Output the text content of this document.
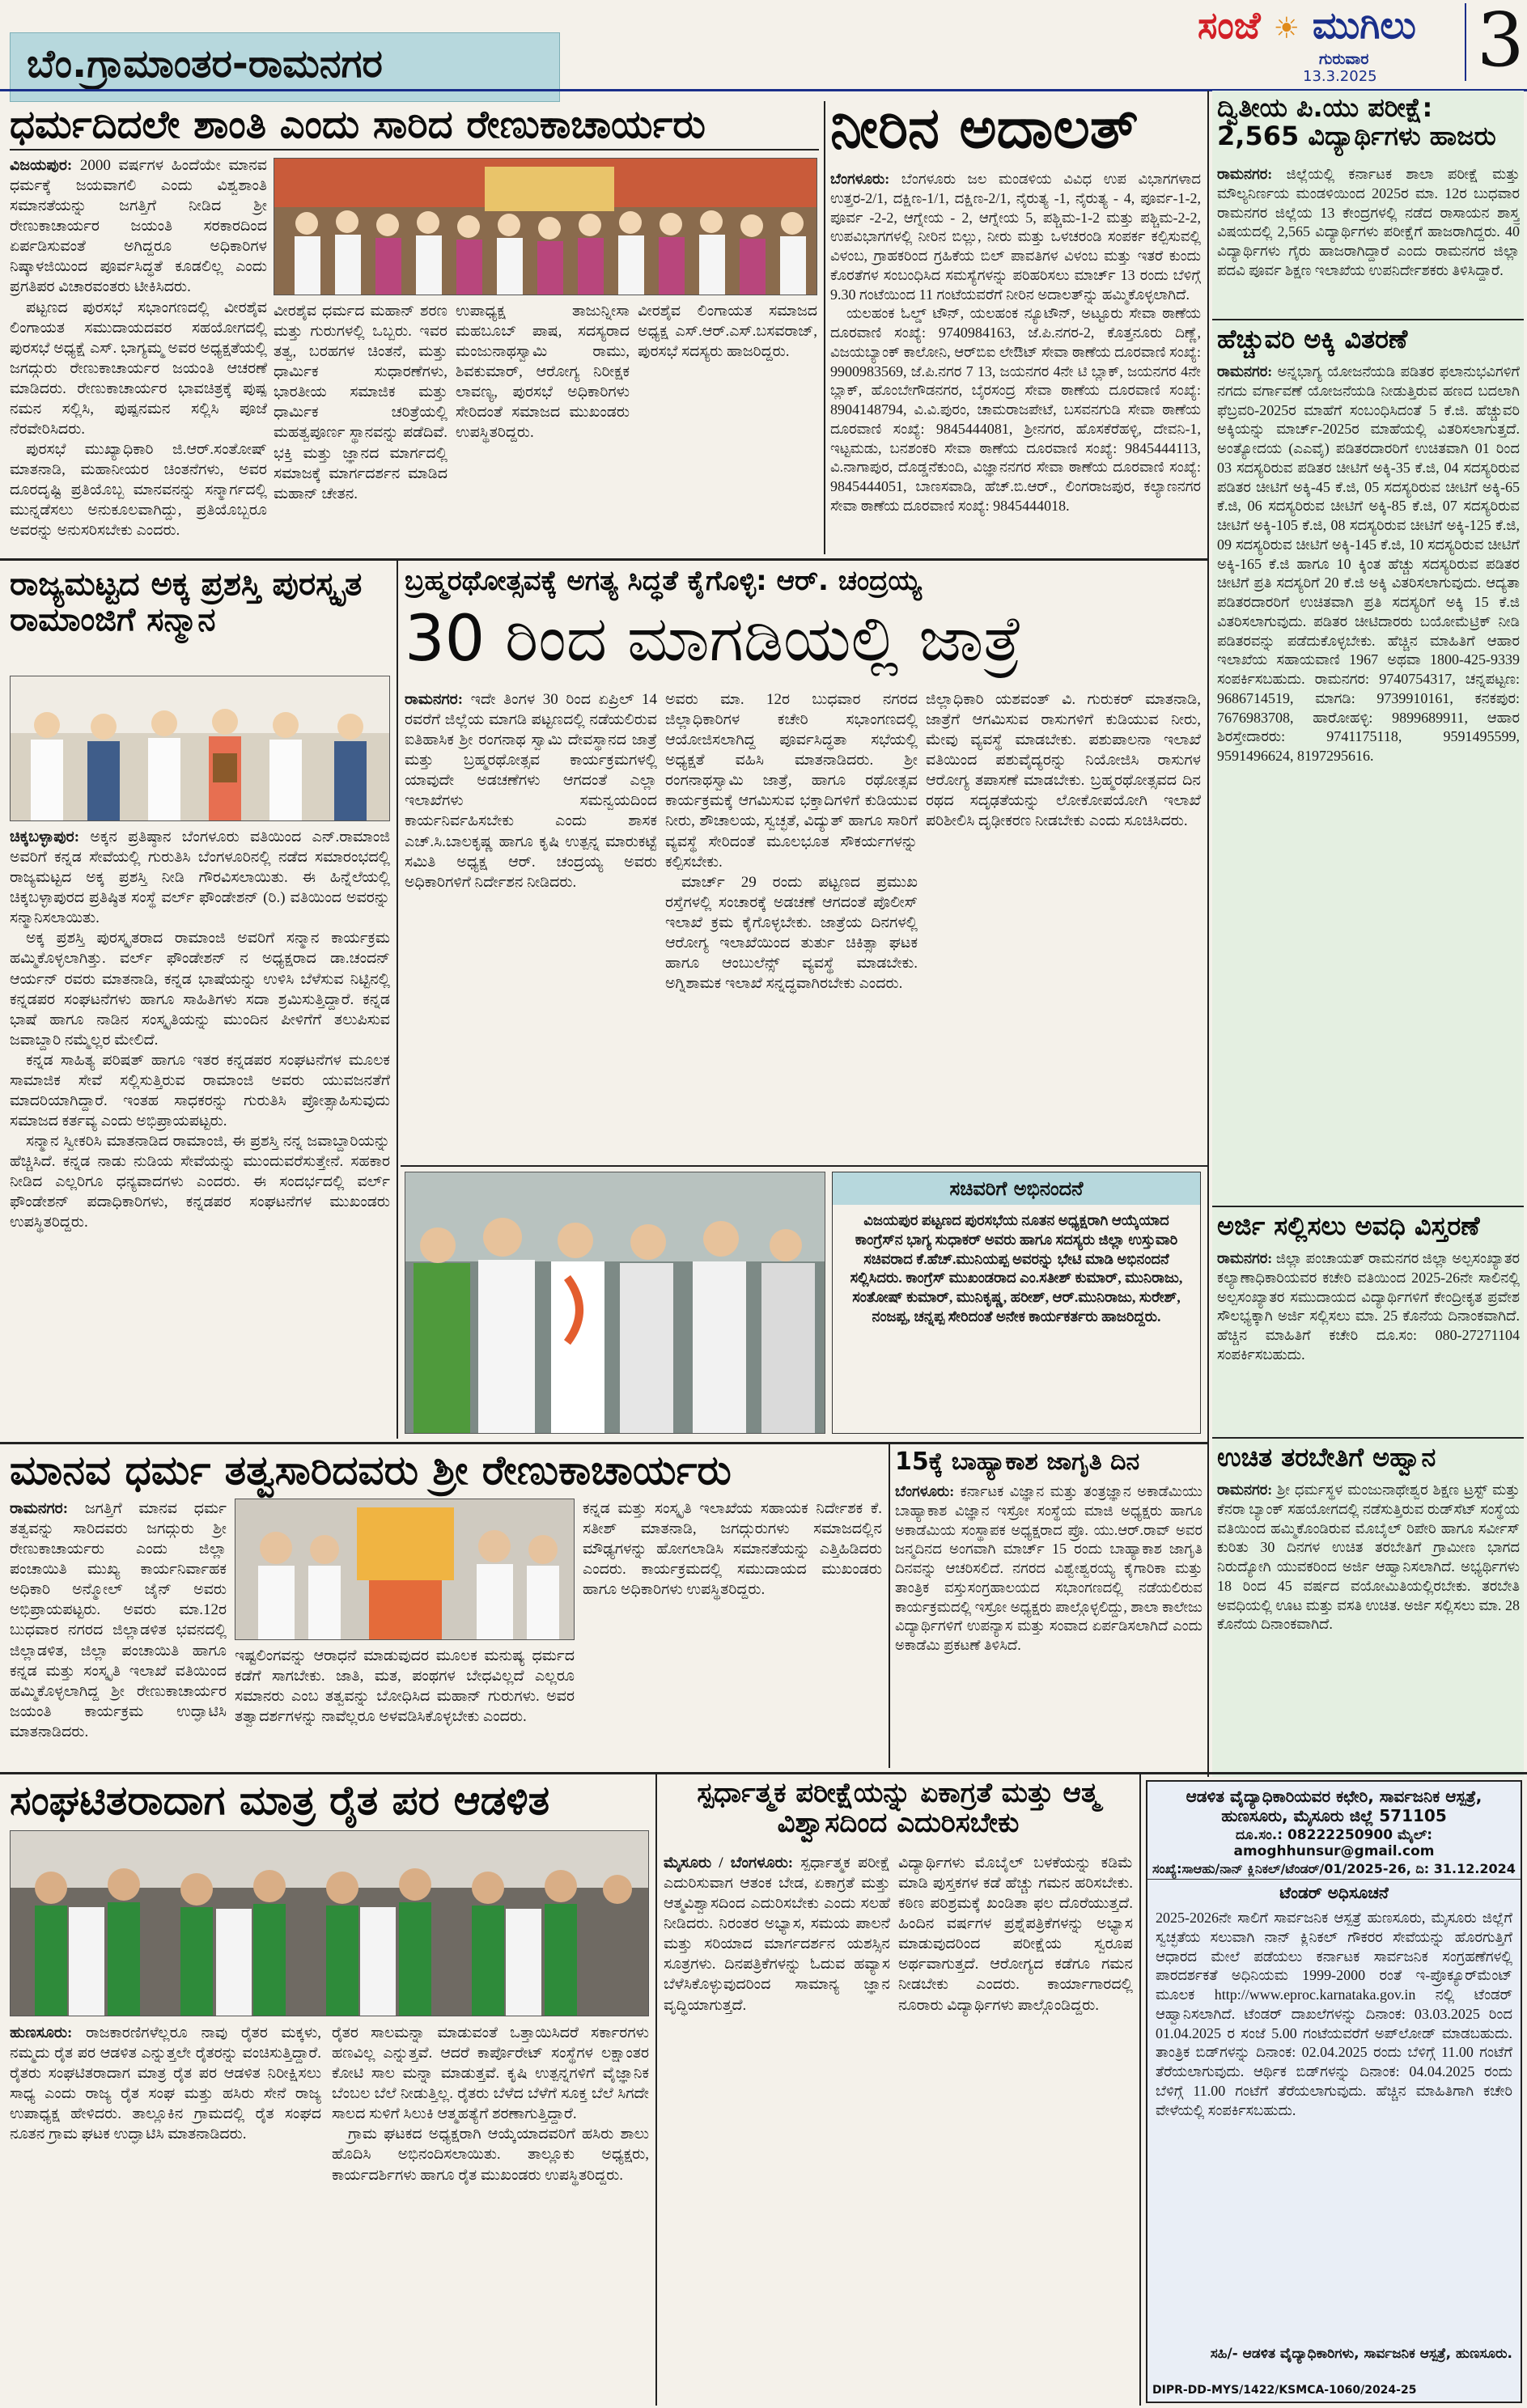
ಬೆಂ.ಗ್ರಾಮಾಂತರ-ರಾಮನಗರ
ಸಂಜೆ ☀ ಮುಗಿಲು
ಗುರುವಾರ
13.3.2025 3
ಧರ್ಮದಿದಲೇ ಶಾಂತಿ ಎಂದು ಸಾರಿದ ರೇಣುಕಾಚಾರ್ಯರು
ವಿಜಯಪುರ: 2000 ವರ್ಷಗಳ ಹಿಂದೆಯೇ ಮಾನವ ಧರ್ಮಕ್ಕೆ ಜಯವಾಗಲಿ ಎಂದು ವಿಶ್ವಶಾಂತಿ ಸಮಾನತೆಯನ್ನು ಜಗತ್ತಿಗೆ ನೀಡಿದ ಶ್ರೀ ರೇಣುಕಾಚಾರ್ಯರ ಜಯಂತಿ ಸರಕಾರದಿಂದ ಏರ್ಪಡಿಸುವಂತೆ ಅಗಿದ್ದರೂ ಅಧಿಕಾರಿಗಳ ನಿಷ್ಕಾಳಜಿಯಿಂದ ಪೂರ್ವಸಿದ್ಧತೆ ಕೂಡಲಿಲ್ಲ ಎಂದು ಪ್ರಗತಿಪರ ವಿಚಾರವಂತರು ಟೀಕಿಸಿದರು.

ಪಟ್ಟಣದ ಪುರಸಭೆ ಸಭಾಂಗಣದಲ್ಲಿ ವೀರಶೈವ ಲಿಂಗಾಯತ ಸಮುದಾಯದವರ ಸಹಯೋಗದಲ್ಲಿ ಪುರಸಭೆ ಅಧ್ಯಕ್ಷೆ ಎಸ್. ಭಾಗ್ಯಮ್ಮ ಅವರ ಅಧ್ಯಕ್ಷತೆಯಲ್ಲಿ ಜಗದ್ಗುರು ರೇಣುಕಾಚಾರ್ಯರ ಜಯಂತಿ ಆಚರಣೆ ಮಾಡಿದರು. ರೇಣುಕಾಚಾರ್ಯರ ಭಾವಚಿತ್ರಕ್ಕೆ ಪುಷ್ಪ ನಮನ ಸಲ್ಲಿಸಿ, ಪುಷ್ಪನಮನ ಸಲ್ಲಿಸಿ ಪೂಜೆ ನೆರವೇರಿಸಿದರು.

ಪುರಸಭೆ ಮುಖ್ಯಾಧಿಕಾರಿ ಜಿ.ಆರ್.ಸಂತೋಷ್ ಮಾತನಾಡಿ, ಮಹಾನೀಯರ ಚಿಂತನೆಗಳು, ಅವರ ದೂರದೃಷ್ಟಿ ಪ್ರತಿಯೊಬ್ಬ ಮಾನವನನ್ನು ಸನ್ಮಾರ್ಗದಲ್ಲಿ ಮುನ್ನಡೆಸಲು ಅನುಕೂಲವಾಗಿದ್ದು, ಪ್ರತಿಯೊಬ್ಬರೂ ಅವರನ್ನು ಅನುಸರಿಸಬೇಕು ಎಂದರು.

ವೀರಶೈವ ಧರ್ಮದ ಮಹಾನ್ ಶರಣ ಮತ್ತು ಗುರುಗಳಲ್ಲಿ ಒಬ್ಬರು. ಇವರ ತತ್ವ, ಬರಹಗಳ ಚಿಂತನೆ, ಮತ್ತು ಧಾರ್ಮಿಕ ಸುಧಾರಣೆಗಳು, ಭಾರತೀಯ ಸಮಾಜಿಕ ಮತ್ತು ಧಾರ್ಮಿಕ ಚರಿತ್ರೆಯಲ್ಲಿ ಮಹತ್ವಪೂರ್ಣ ಸ್ಥಾನವನ್ನು ಪಡೆದಿವೆ. ಭಕ್ತಿ ಮತ್ತು ಜ್ಞಾನದ ಮಾರ್ಗದಲ್ಲಿ ಸಮಾಜಕ್ಕೆ ಮಾರ್ಗದರ್ಶನ ಮಾಡಿದ ಮಹಾನ್ ಚೇತನ.

ಉಪಾಧ್ಯಕ್ಷ ತಾಜುನ್ನೀಸಾ ಮಹಬೂಬ್ ಪಾಷ, ಸದಸ್ಯರಾದ ಮಂಜುನಾಥಸ್ವಾಮಿ ರಾಮು, ಶಿವಕುಮಾರ್, ಆರೋಗ್ಯ ನಿರೀಕ್ಷಕ ಲಾವಣ್ಯ, ಪುರಸಭೆ ಅಧಿಕಾರಿಗಳು ಸೇರಿದಂತೆ ಸಮಾಜದ ಮುಖಂಡರು ಉಪಸ್ಥಿತರಿದ್ದರು.

ವೀರಶೈವ ಲಿಂಗಾಯತ ಸಮಾಜದ ಅಧ್ಯಕ್ಷ ಎಸ್.ಆರ್.ಎಸ್.ಬಸವರಾಜ್, ಪುರಸಭೆ ಸದಸ್ಯರು ಹಾಜರಿದ್ದರು.

ನೀರಿನ ಅದಾಲತ್
ಬೆಂಗಳೂರು: ಬೆಂಗಳೂರು ಜಲ ಮಂಡಳಿಯ ವಿವಿಧ ಉಪ ವಿಭಾಗಗಳಾದ ಉತ್ತರ-2/1, ದಕ್ಷಿಣ-1/1, ದಕ್ಷಿಣ-2/1, ನೈರುತ್ಯ -1, ನೈರುತ್ಯ - 4, ಪೂರ್ವ-1-2, ಪೂರ್ವ -2-2, ಆಗ್ನೇಯ - 2, ಆಗ್ನೇಯ 5, ಪಶ್ಚಿಮ-1-2 ಮತ್ತು ಪಶ್ಚಿಮ-2-2, ಉಪವಿಭಾಗಗಳಲ್ಲಿ ನೀರಿನ ಬಿಲ್ಲು, ನೀರು ಮತ್ತು ಒಳಚರಂಡಿ ಸಂಪರ್ಕ ಕಲ್ಪಿಸುವಲ್ಲಿ ವಿಳಂಬ, ಗ್ರಾಹಕರಿಂದ ಗ್ರಹಿಕೆಯ ಬಿಲ್ ಪಾವತಿಗಳ ವಿಳಂಬ ಮತ್ತು ಇತರೆ ಕುಂದು ಕೊರತೆಗಳ ಸಂಬಂಧಿಸಿದ ಸಮಸ್ಯೆಗಳನ್ನು ಪರಿಹರಿಸಲು ಮಾರ್ಚ್ 13 ರಂದು ಬೆಳಿಗ್ಗೆ 9.30 ಗಂಟೆಯಿಂದ 11 ಗಂಟೆಯವರೆಗೆ ನೀರಿನ ಅದಾಲತ್‌ನ್ನು ಹಮ್ಮಿಕೊಳ್ಳಲಾಗಿದೆ.

ಯಲಹಂಕ ಓಲ್ಡ್ ಟೌನ್, ಯಲಹಂಕ ನ್ಯೂಟೌನ್, ಅಟ್ಟೂರು ಸೇವಾ ಠಾಣೆಯ ದೂರವಾಣಿ ಸಂಖ್ಯೆ: 9740984163, ಜೆ.ಪಿ.ನಗರ-2, ಕೊತ್ತನೂರು ದಿಣ್ಣೆ, ವಿಜಯಬ್ಯಾಂಕ್ ಕಾಲೋನಿ, ಆರ್‌ಬಿಐ ಲೇಔಟ್ ಸೇವಾ ಠಾಣೆಯ ದೂರವಾಣಿ ಸಂಖ್ಯೆ: 9900983569, ಜೆ.ಪಿ.ನಗರ 7 13, ಜಯನಗರ 4ನೇ ಟಿ ಬ್ಲಾಕ್, ಜಯನಗರ 4ನೇ ಬ್ಲಾಕ್, ಹೊಂಬೇಗೌಡನಗರ, ಬೈರಸಂದ್ರ ಸೇವಾ ಠಾಣೆಯ ದೂರವಾಣಿ ಸಂಖ್ಯೆ: 8904148794, ವಿ.ವಿ.ಪುರಂ, ಚಾಮರಾಜಪೇಟೆ, ಬಸವನಗುಡಿ ಸೇವಾ ಠಾಣೆಯ ದೂರವಾಣಿ ಸಂಖ್ಯೆ: 9845444081, ಶ್ರೀನಗರ, ಹೊಸಕೆರೆಹಳ್ಳಿ, ದೇವನಿ-1, ಇಟ್ಟಮಡು, ಬನಶಂಕರಿ ಸೇವಾ ಠಾಣೆಯ ದೂರವಾಣಿ ಸಂಖ್ಯೆ: 9845444113, ವಿ.ನಾಗಾಪುರ, ದೊಡ್ಡನೆಕುಂದಿ, ವಿಜ್ಞಾನನಗರ ಸೇವಾ ಠಾಣೆಯ ದೂರವಾಣಿ ಸಂಖ್ಯೆ: 9845444051, ಬಾಣಸವಾಡಿ, ಹೆಚ್.ಬಿ.ಆರ್., ಲಿಂಗರಾಜಪುರ, ಕಲ್ಯಾಣನಗರ ಸೇವಾ ಠಾಣೆಯ ದೂರವಾಣಿ ಸಂಖ್ಯೆ: 9845444018.

ದ್ವಿತೀಯ ಪಿ.ಯು ಪರೀಕ್ಷೆ: 2,565 ವಿದ್ಯಾರ್ಥಿಗಳು ಹಾಜರು
ರಾಮನಗರ: ಜಿಲ್ಲೆಯಲ್ಲಿ ಕರ್ನಾಟಕ ಶಾಲಾ ಪರೀಕ್ಷೆ ಮತ್ತು ಮೌಲ್ಯನಿರ್ಣಯ ಮಂಡಳಿಯಿಂದ 2025ರ ಮಾ. 12ರ ಬುಧವಾರ ರಾಮನಗರ ಜಿಲ್ಲೆಯ 13 ಕೇಂದ್ರಗಳಲ್ಲಿ ನಡೆದ ರಾಸಾಯನ ಶಾಸ್ತ್ರ ವಿಷಯದಲ್ಲಿ 2,565 ವಿದ್ಯಾರ್ಥಿಗಳು ಪರೀಕ್ಷೆಗೆ ಹಾಜರಾಗಿದ್ದರು. 40 ವಿದ್ಯಾರ್ಥಿಗಳು ಗೈರು ಹಾಜರಾಗಿದ್ದಾರೆ ಎಂದು ರಾಮನಗರ ಜಿಲ್ಲಾ ಪದವಿ ಪೂರ್ವ ಶಿಕ್ಷಣ ಇಲಾಖೆಯ ಉಪನಿರ್ದೇಶಕರು ತಿಳಿಸಿದ್ದಾರೆ.
ಹೆಚ್ಚುವರಿ ಅಕ್ಕಿ ವಿತರಣೆ
ರಾಮನಗರ: ಅನ್ನಭಾಗ್ಯ ಯೋಜನೆಯಡಿ ಪಡಿತರ ಫಲಾನುಭವಿಗಳಿಗೆ ನಗದು ವರ್ಗಾವಣೆ ಯೋಜನೆಯಡಿ ನೀಡುತ್ತಿರುವ ಹಣದ ಬದಲಾಗಿ ಫೆಬ್ರವರಿ-2025ರ ಮಾಹೆಗೆ ಸಂಬಂಧಿಸಿದಂತೆ 5 ಕೆ.ಜಿ. ಹೆಚ್ಚುವರಿ ಅಕ್ಕಿಯನ್ನು ಮಾರ್ಚ್-2025ರ ಮಾಹೆಯಲ್ಲಿ ವಿತರಿಸಲಾಗುತ್ತದೆ. ಅಂತ್ಯೋದಯ (ಎಎವೈ) ಪಡಿತರದಾರರಿಗೆ ಉಚಿತವಾಗಿ 01 ರಿಂದ 03 ಸದಸ್ಯರಿರುವ ಪಡಿತರ ಚೀಟಿಗೆ ಅಕ್ಕಿ-35 ಕೆ.ಜಿ, 04 ಸದಸ್ಯರಿರುವ ಪಡಿತರ ಚೀಟಿಗೆ ಅಕ್ಕಿ-45 ಕೆ.ಜಿ, 05 ಸದಸ್ಯರಿರುವ ಚೀಟಿಗೆ ಅಕ್ಕಿ-65 ಕೆ.ಜಿ, 06 ಸದಸ್ಯರಿರುವ ಚೀಟಿಗೆ ಅಕ್ಕಿ-85 ಕೆ.ಜಿ, 07 ಸದಸ್ಯರಿರುವ ಚೀಟಿಗೆ ಅಕ್ಕಿ-105 ಕೆ.ಜಿ, 08 ಸದಸ್ಯರಿರುವ ಚೀಟಿಗೆ ಅಕ್ಕಿ-125 ಕೆ.ಜಿ, 09 ಸದಸ್ಯರಿರುವ ಚೀಟಿಗೆ ಅಕ್ಕಿ-145 ಕೆ.ಜಿ, 10 ಸದಸ್ಯರಿರುವ ಚೀಟಿಗೆ ಅಕ್ಕಿ-165 ಕೆ.ಜಿ ಹಾಗೂ 10 ಕ್ಕಿಂತ ಹೆಚ್ಚು ಸದಸ್ಯರಿರುವ ಪಡಿತರ ಚೀಟಿಗೆ ಪ್ರತಿ ಸದಸ್ಯರಿಗೆ 20 ಕೆ.ಜಿ ಅಕ್ಕಿ ವಿತರಿಸಲಾಗುವುದು. ಆದ್ಯತಾ ಪಡಿತರದಾರರಿಗೆ ಉಚಿತವಾಗಿ ಪ್ರತಿ ಸದಸ್ಯರಿಗೆ ಅಕ್ಕಿ 15 ಕೆ.ಜಿ ವಿತರಿಸಲಾಗುವುದು. ಪಡಿತರ ಚೀಟಿದಾರರು ಬಯೋಮೆಟ್ರಿಕ್ ನೀಡಿ ಪಡಿತರವನ್ನು ಪಡೆದುಕೊಳ್ಳಬೇಕು. ಹೆಚ್ಚಿನ ಮಾಹಿತಿಗೆ ಆಹಾರ ಇಲಾಖೆಯ ಸಹಾಯವಾಣಿ 1967 ಅಥವಾ 1800-425-9339 ಸಂಪರ್ಕಿಸಬಹುದು. ರಾಮನಗರ: 9740754317, ಚನ್ನಪಟ್ಟಣ: 9686714519, ಮಾಗಡಿ: 9739910161, ಕನಕಪುರ: 7676983708, ಹಾರೋಹಳ್ಳಿ: 9899689911, ಆಹಾರ ಶಿರಸ್ತೇದಾರರು: 9741175118, 9591495599, 9591496624, 8197295616.
ಅರ್ಜಿ ಸಲ್ಲಿಸಲು ಅವಧಿ ವಿಸ್ತರಣೆ
ರಾಮನಗರ: ಜಿಲ್ಲಾ ಪಂಚಾಯತ್ ರಾಮನಗರ ಜಿಲ್ಲಾ ಅಲ್ಪಸಂಖ್ಯಾತರ ಕಲ್ಯಾಣಾಧಿಕಾರಿಯವರ ಕಚೇರಿ ವತಿಯಿಂದ 2025-26ನೇ ಸಾಲಿನಲ್ಲಿ ಅಲ್ಪಸಂಖ್ಯಾತರ ಸಮುದಾಯದ ವಿದ್ಯಾರ್ಥಿಗಳಿಗೆ ಕೇಂದ್ರೀಕೃತ ಪ್ರವೇಶ ಸೌಲಭ್ಯಕ್ಕಾಗಿ ಅರ್ಜಿ ಸಲ್ಲಿಸಲು ಮಾ. 25 ಕೊನೆಯ ದಿನಾಂಕವಾಗಿದೆ. ಹೆಚ್ಚಿನ ಮಾಹಿತಿಗೆ ಕಚೇರಿ ದೂ.ಸಂ: 080-27271104 ಸಂಪರ್ಕಿಸಬಹುದು.
ಉಚಿತ ತರಬೇತಿಗೆ ಅಹ್ವಾನ
ರಾಮನಗರ: ಶ್ರೀ ಧರ್ಮಸ್ಥಳ ಮಂಜುನಾಥೇಶ್ವರ ಶಿಕ್ಷಣ ಟ್ರಸ್ಟ್ ಮತ್ತು ಕೆನರಾ ಬ್ಯಾಂಕ್ ಸಹಯೋಗದಲ್ಲಿ ನಡೆಸುತ್ತಿರುವ ರುಡ್‌ಸೆಟ್ ಸಂಸ್ಥೆಯ ವತಿಯಿಂದ ಹಮ್ಮಿಕೊಂಡಿರುವ ಮೊಬೈಲ್ ರಿಪೇರಿ ಹಾಗೂ ಸರ್ವೀಸ್ ಕುರಿತು 30 ದಿನಗಳ ಉಚಿತ ತರಬೇತಿಗೆ ಗ್ರಾಮೀಣ ಭಾಗದ ನಿರುದ್ಯೋಗಿ ಯುವಕರಿಂದ ಅರ್ಜಿ ಆಹ್ವಾನಿಸಲಾಗಿದೆ. ಅಭ್ಯರ್ಥಿಗಳು 18 ರಿಂದ 45 ವರ್ಷದ ವಯೋಮಿತಿಯಲ್ಲಿರಬೇಕು. ತರಬೇತಿ ಅವಧಿಯಲ್ಲಿ ಊಟ ಮತ್ತು ವಸತಿ ಉಚಿತ. ಅರ್ಜಿ ಸಲ್ಲಿಸಲು ಮಾ. 28 ಕೊನೆಯ ದಿನಾಂಕವಾಗಿದೆ.
ರಾಜ್ಯಮಟ್ಟದ ಅಕ್ಕ ಪ್ರಶಸ್ತಿ ಪುರಸ್ಕೃತ ರಾಮಾಂಜಿಗೆ ಸನ್ಮಾನ
ಚಿಕ್ಕಬಳ್ಳಾಪುರ: ಅಕ್ಕನ ಪ್ರತಿಷ್ಠಾನ ಬೆಂಗಳೂರು ವತಿಯಿಂದ ಎನ್.ರಾಮಾಂಜಿ ಅವರಿಗೆ ಕನ್ನಡ ಸೇವೆಯಲ್ಲಿ ಗುರುತಿಸಿ ಬೆಂಗಳೂರಿನಲ್ಲಿ ನಡೆದ ಸಮಾರಂಭದಲ್ಲಿ ರಾಜ್ಯಮಟ್ಟದ ಅಕ್ಕ ಪ್ರಶಸ್ತಿ ನೀಡಿ ಗೌರವಿಸಲಾಯಿತು. ಈ ಹಿನ್ನೆಲೆಯಲ್ಲಿ ಚಿಕ್ಕಬಳ್ಳಾಪುರದ ಪ್ರತಿಷ್ಠಿತ ಸಂಸ್ಥೆ ವರ್ಲ್ ಫೌಂಡೇಶನ್ (ರಿ.) ವತಿಯಿಂದ ಅವರನ್ನು ಸನ್ಮಾನಿಸಲಾಯಿತು.

ಅಕ್ಕ ಪ್ರಶಸ್ತಿ ಪುರಸ್ಕೃತರಾದ ರಾಮಾಂಜಿ ಅವರಿಗೆ ಸನ್ಮಾನ ಕಾರ್ಯಕ್ರಮ ಹಮ್ಮಿಕೊಳ್ಳಲಾಗಿತ್ತು. ವರ್ಲ್ ಫೌಂಡೇಶನ್ ನ ಅಧ್ಯಕ್ಷರಾದ ಡಾ.ಚಂದನ್ ಆರ್ಯನ್ ರವರು ಮಾತನಾಡಿ, ಕನ್ನಡ ಭಾಷೆಯನ್ನು ಉಳಿಸಿ ಬೆಳೆಸುವ ನಿಟ್ಟಿನಲ್ಲಿ ಕನ್ನಡಪರ ಸಂಘಟನೆಗಳು ಹಾಗೂ ಸಾಹಿತಿಗಳು ಸದಾ ಶ್ರಮಿಸುತ್ತಿದ್ದಾರೆ. ಕನ್ನಡ ಭಾಷೆ ಹಾಗೂ ನಾಡಿನ ಸಂಸ್ಕೃತಿಯನ್ನು ಮುಂದಿನ ಪೀಳಿಗೆಗೆ ತಲುಪಿಸುವ ಜವಾಬ್ದಾರಿ ನಮ್ಮೆಲ್ಲರ ಮೇಲಿದೆ.

ಕನ್ನಡ ಸಾಹಿತ್ಯ ಪರಿಷತ್ ಹಾಗೂ ಇತರ ಕನ್ನಡಪರ ಸಂಘಟನೆಗಳ ಮೂಲಕ ಸಾಮಾಜಿಕ ಸೇವೆ ಸಲ್ಲಿಸುತ್ತಿರುವ ರಾಮಾಂಜಿ ಅವರು ಯುವಜನತೆಗೆ ಮಾದರಿಯಾಗಿದ್ದಾರೆ. ಇಂತಹ ಸಾಧಕರನ್ನು ಗುರುತಿಸಿ ಪ್ರೋತ್ಸಾಹಿಸುವುದು ಸಮಾಜದ ಕರ್ತವ್ಯ ಎಂದು ಅಭಿಪ್ರಾಯಪಟ್ಟರು.

ಸನ್ಮಾನ ಸ್ವೀಕರಿಸಿ ಮಾತನಾಡಿದ ರಾಮಾಂಜಿ, ಈ ಪ್ರಶಸ್ತಿ ನನ್ನ ಜವಾಬ್ದಾರಿಯನ್ನು ಹೆಚ್ಚಿಸಿದೆ. ಕನ್ನಡ ನಾಡು ನುಡಿಯ ಸೇವೆಯನ್ನು ಮುಂದುವರೆಸುತ್ತೇನೆ. ಸಹಕಾರ ನೀಡಿದ ಎಲ್ಲರಿಗೂ ಧನ್ಯವಾದಗಳು ಎಂದರು. ಈ ಸಂದರ್ಭದಲ್ಲಿ ವರ್ಲ್ ಫೌಂಡೇಶನ್ ಪದಾಧಿಕಾರಿಗಳು, ಕನ್ನಡಪರ ಸಂಘಟನೆಗಳ ಮುಖಂಡರು ಉಪಸ್ಥಿತರಿದ್ದರು.

ಬ್ರಹ್ಮರಥೋತ್ಸವಕ್ಕೆ ಅಗತ್ಯ ಸಿದ್ಧತೆ ಕೈಗೊಳ್ಳಿ: ಆರ್. ಚಂದ್ರಯ್ಯ
30 ರಿಂದ ಮಾಗಡಿಯಲ್ಲಿ ಜಾತ್ರೆ
ರಾಮನಗರ: ಇದೇ ತಿಂಗಳ 30 ರಿಂದ ಏಪ್ರಿಲ್ 14 ರವರೆಗೆ ಜಿಲ್ಲೆಯ ಮಾಗಡಿ ಪಟ್ಟಣದಲ್ಲಿ ನಡೆಯಲಿರುವ ಐತಿಹಾಸಿಕ ಶ್ರೀ ರಂಗನಾಥ ಸ್ವಾಮಿ ದೇವಸ್ಥಾನದ ಜಾತ್ರೆ ಮತ್ತು ಬ್ರಹ್ಮರಥೋತ್ಸವ ಕಾರ್ಯಕ್ರಮಗಳಲ್ಲಿ ಯಾವುದೇ ಅಡಚಣೆಗಳು ಆಗದಂತೆ ಎಲ್ಲಾ ಇಲಾಖೆಗಳು ಸಮನ್ವಯದಿಂದ ಕಾರ್ಯನಿರ್ವಹಿಸಬೇಕು ಎಂದು ಶಾಸಕ ಎಚ್.ಸಿ.ಬಾಲಕೃಷ್ಣ ಹಾಗೂ ಕೃಷಿ ಉತ್ಪನ್ನ ಮಾರುಕಟ್ಟೆ ಸಮಿತಿ ಅಧ್ಯಕ್ಷ ಆರ್. ಚಂದ್ರಯ್ಯ ಅವರು ಅಧಿಕಾರಿಗಳಿಗೆ ನಿರ್ದೇಶನ ನೀಡಿದರು.

ಅವರು ಮಾ. 12ರ ಬುಧವಾರ ನಗರದ ಜಿಲ್ಲಾಧಿಕಾರಿಗಳ ಕಚೇರಿ ಸಭಾಂಗಣದಲ್ಲಿ ಆಯೋಜಿಸಲಾಗಿದ್ದ ಪೂರ್ವಸಿದ್ಧತಾ ಸಭೆಯಲ್ಲಿ ಅಧ್ಯಕ್ಷತೆ ವಹಿಸಿ ಮಾತನಾಡಿದರು. ಶ್ರೀ ರಂಗನಾಥಸ್ವಾಮಿ ಜಾತ್ರೆ, ಹಾಗೂ ರಥೋತ್ಸವ ಕಾರ್ಯಕ್ರಮಕ್ಕೆ ಆಗಮಿಸುವ ಭಕ್ತಾದಿಗಳಿಗೆ ಕುಡಿಯುವ ನೀರು, ಶೌಚಾಲಯ, ಸ್ವಚ್ಛತೆ, ವಿದ್ಯುತ್ ಹಾಗೂ ಸಾರಿಗೆ ವ್ಯವಸ್ಥೆ ಸೇರಿದಂತೆ ಮೂಲಭೂತ ಸೌಕರ್ಯಗಳನ್ನು ಕಲ್ಪಿಸಬೇಕು.

ಮಾರ್ಚ್ 29 ರಂದು ಪಟ್ಟಣದ ಪ್ರಮುಖ ರಸ್ತೆಗಳಲ್ಲಿ ಸಂಚಾರಕ್ಕೆ ಅಡಚಣೆ ಆಗದಂತೆ ಪೊಲೀಸ್ ಇಲಾಖೆ ಕ್ರಮ ಕೈಗೊಳ್ಳಬೇಕು. ಜಾತ್ರೆಯ ದಿನಗಳಲ್ಲಿ ಆರೋಗ್ಯ ಇಲಾಖೆಯಿಂದ ತುರ್ತು ಚಿಕಿತ್ಸಾ ಘಟಕ ಹಾಗೂ ಆಂಬುಲೆನ್ಸ್ ವ್ಯವಸ್ಥೆ ಮಾಡಬೇಕು. ಅಗ್ನಿಶಾಮಕ ಇಲಾಖೆ ಸನ್ನದ್ಧವಾಗಿರಬೇಕು ಎಂದರು.

ಜಿಲ್ಲಾಧಿಕಾರಿ ಯಶವಂತ್ ವಿ. ಗುರುಕರ್ ಮಾತನಾಡಿ, ಜಾತ್ರೆಗೆ ಆಗಮಿಸುವ ರಾಸುಗಳಿಗೆ ಕುಡಿಯುವ ನೀರು, ಮೇವು ವ್ಯವಸ್ಥೆ ಮಾಡಬೇಕು. ಪಶುಪಾಲನಾ ಇಲಾಖೆ ವತಿಯಿಂದ ಪಶುವೈದ್ಯರನ್ನು ನಿಯೋಜಿಸಿ ರಾಸುಗಳ ಆರೋಗ್ಯ ತಪಾಸಣೆ ಮಾಡಬೇಕು. ಬ್ರಹ್ಮರಥೋತ್ಸವದ ದಿನ ರಥದ ಸದೃಢತೆಯನ್ನು ಲೋಕೋಪಯೋಗಿ ಇಲಾಖೆ ಪರಿಶೀಲಿಸಿ ದೃಢೀಕರಣ ನೀಡಬೇಕು ಎಂದು ಸೂಚಿಸಿದರು.

ಸಚಿವರಿಗೆ ಅಭಿನಂದನೆ
ವಿಜಯಪುರ ಪಟ್ಟಣದ ಪುರಸಭೆಯ ನೂತನ ಅಧ್ಯಕ್ಷರಾಗಿ ಆಯ್ಕೆಯಾದ ಕಾಂಗ್ರೆಸ್‌ನ ಭಾಗ್ಯ ಸುಧಾಕರ್ ಅವರು ಹಾಗೂ ಸದಸ್ಯರು ಜಿಲ್ಲಾ ಉಸ್ತುವಾರಿ ಸಚಿವರಾದ ಕೆ.ಹೆಚ್.ಮುನಿಯಪ್ಪ ಅವರನ್ನು ಭೇಟಿ ಮಾಡಿ ಅಭಿನಂದನೆ ಸಲ್ಲಿಸಿದರು. ಕಾಂಗ್ರೆಸ್ ಮುಖಂಡರಾದ ಎಂ.ಸತೀಶ್ ಕುಮಾರ್, ಮುನಿರಾಜು, ಸಂತೋಷ್ ಕುಮಾರ್, ಮುನಿಕೃಷ್ಣ, ಹರೀಶ್, ಆರ್.ಮುನಿರಾಜು, ಸುರೇಶ್, ನಂಜಪ್ಪ, ಚನ್ನಪ್ಪ ಸೇರಿದಂತೆ ಅನೇಕ ಕಾರ್ಯಕರ್ತರು ಹಾಜರಿದ್ದರು.
ಮಾನವ ಧರ್ಮ ತತ್ವಸಾರಿದವರು ಶ್ರೀ ರೇಣುಕಾಚಾರ್ಯರು
ರಾಮನಗರ: ಜಗತ್ತಿಗೆ ಮಾನವ ಧರ್ಮ ತತ್ವವನ್ನು ಸಾರಿದವರು ಜಗದ್ಗುರು ಶ್ರೀ ರೇಣುಕಾಚಾರ್ಯರು ಎಂದು ಜಿಲ್ಲಾ ಪಂಚಾಯಿತಿ ಮುಖ್ಯ ಕಾರ್ಯನಿರ್ವಾಹಕ ಅಧಿಕಾರಿ ಅನ್ಮೋಲ್ ಜೈನ್ ಅವರು ಅಭಿಪ್ರಾಯಪಟ್ಟರು. ಅವರು ಮಾ.12ರ ಬುಧವಾರ ನಗರದ ಜಿಲ್ಲಾಡಳಿತ ಭವನದಲ್ಲಿ ಜಿಲ್ಲಾಡಳಿತ, ಜಿಲ್ಲಾ ಪಂಚಾಯಿತಿ ಹಾಗೂ ಕನ್ನಡ ಮತ್ತು ಸಂಸ್ಕೃತಿ ಇಲಾಖೆ ವತಿಯಿಂದ ಹಮ್ಮಿಕೊಳ್ಳಲಾಗಿದ್ದ ಶ್ರೀ ರೇಣುಕಾಚಾರ್ಯರ ಜಯಂತಿ ಕಾರ್ಯಕ್ರಮ ಉದ್ಘಾಟಿಸಿ ಮಾತನಾಡಿದರು.

ಇಷ್ಟಲಿಂಗವನ್ನು ಆರಾಧನೆ ಮಾಡುವುದರ ಮೂಲಕ ಮನುಷ್ಯ ಧರ್ಮದ ಕಡೆಗೆ ಸಾಗಬೇಕು. ಜಾತಿ, ಮತ, ಪಂಥಗಳ ಬೇಧವಿಲ್ಲದೆ ಎಲ್ಲರೂ ಸಮಾನರು ಎಂಬ ತತ್ವವನ್ನು ಬೋಧಿಸಿದ ಮಹಾನ್ ಗುರುಗಳು. ಅವರ ತತ್ವಾದರ್ಶಗಳನ್ನು ನಾವೆಲ್ಲರೂ ಅಳವಡಿಸಿಕೊಳ್ಳಬೇಕು ಎಂದರು.

ಕನ್ನಡ ಮತ್ತು ಸಂಸ್ಕೃತಿ ಇಲಾಖೆಯ ಸಹಾಯಕ ನಿರ್ದೇಶಕ ಕೆ. ಸತೀಶ್ ಮಾತನಾಡಿ, ಜಗದ್ಗುರುಗಳು ಸಮಾಜದಲ್ಲಿನ ಮೌಢ್ಯಗಳನ್ನು ಹೋಗಲಾಡಿಸಿ ಸಮಾನತೆಯನ್ನು ಎತ್ತಿಹಿಡಿದರು ಎಂದರು. ಕಾರ್ಯಕ್ರಮದಲ್ಲಿ ಸಮುದಾಯದ ಮುಖಂಡರು ಹಾಗೂ ಅಧಿಕಾರಿಗಳು ಉಪಸ್ಥಿತರಿದ್ದರು.

15ಕ್ಕೆ ಬಾಹ್ಯಾಕಾಶ ಜಾಗೃತಿ ದಿನ
ಬೆಂಗಳೂರು: ಕರ್ನಾಟಕ ವಿಜ್ಞಾನ ಮತ್ತು ತಂತ್ರಜ್ಞಾನ ಅಕಾಡೆಮಿಯು ಬಾಹ್ಯಾಕಾಶ ವಿಜ್ಞಾನ ಇಸ್ರೋ ಸಂಸ್ಥೆಯ ಮಾಜಿ ಅಧ್ಯಕ್ಷರು ಹಾಗೂ ಅಕಾಡೆಮಿಯ ಸಂಸ್ಥಾಪಕ ಅಧ್ಯಕ್ಷರಾದ ಪ್ರೊ. ಯು.ಆರ್.ರಾವ್ ಅವರ ಜನ್ಮದಿನದ ಅಂಗವಾಗಿ ಮಾರ್ಚ್ 15 ರಂದು ಬಾಹ್ಯಾಕಾಶ ಜಾಗೃತಿ ದಿನವನ್ನು ಆಚರಿಸಲಿದೆ. ನಗರದ ವಿಶ್ವೇಶ್ವರಯ್ಯ ಕೈಗಾರಿಕಾ ಮತ್ತು ತಾಂತ್ರಿಕ ವಸ್ತುಸಂಗ್ರಹಾಲಯದ ಸಭಾಂಗಣದಲ್ಲಿ ನಡೆಯಲಿರುವ ಕಾರ್ಯಕ್ರಮದಲ್ಲಿ ಇಸ್ರೋ ಅಧ್ಯಕ್ಷರು ಪಾಲ್ಗೊಳ್ಳಲಿದ್ದು, ಶಾಲಾ ಕಾಲೇಜು ವಿದ್ಯಾರ್ಥಿಗಳಿಗೆ ಉಪನ್ಯಾಸ ಮತ್ತು ಸಂವಾದ ಏರ್ಪಡಿಸಲಾಗಿದೆ ಎಂದು ಅಕಾಡೆಮಿ ಪ್ರಕಟಣೆ ತಿಳಿಸಿದೆ.
ಸಂಘಟಿತರಾದಾಗ ಮಾತ್ರ ರೈತ ಪರ ಆಡಳಿತ
ಹುಣಸೂರು: ರಾಜಕಾರಣಿಗಳೆಲ್ಲರೂ ನಾವು ರೈತರ ಮಕ್ಕಳು, ನಮ್ಮದು ರೈತ ಪರ ಆಡಳಿತ ಎನ್ನುತ್ತಲೇ ರೈತರನ್ನು ವಂಚಿಸುತ್ತಿದ್ದಾರೆ. ರೈತರು ಸಂಘಟಿತರಾದಾಗ ಮಾತ್ರ ರೈತ ಪರ ಆಡಳಿತ ನಿರೀಕ್ಷಿಸಲು ಸಾಧ್ಯ ಎಂದು ರಾಜ್ಯ ರೈತ ಸಂಘ ಮತ್ತು ಹಸಿರು ಸೇನೆ ರಾಜ್ಯ ಉಪಾಧ್ಯಕ್ಷ ಹೇಳಿದರು. ತಾಲ್ಲೂಕಿನ ಗ್ರಾಮದಲ್ಲಿ ರೈತ ಸಂಘದ ನೂತನ ಗ್ರಾಮ ಘಟಕ ಉದ್ಘಾಟಿಸಿ ಮಾತನಾಡಿದರು.

ರೈತರ ಸಾಲಮನ್ನಾ ಮಾಡುವಂತೆ ಒತ್ತಾಯಿಸಿದರೆ ಸರ್ಕಾರಗಳು ಹಣವಿಲ್ಲ ಎನ್ನುತ್ತವೆ. ಆದರೆ ಕಾರ್ಪೊರೇಟ್ ಸಂಸ್ಥೆಗಳ ಲಕ್ಷಾಂತರ ಕೋಟಿ ಸಾಲ ಮನ್ನಾ ಮಾಡುತ್ತವೆ. ಕೃಷಿ ಉತ್ಪನ್ನಗಳಿಗೆ ವೈಜ್ಞಾನಿಕ ಬೆಂಬಲ ಬೆಲೆ ನೀಡುತ್ತಿಲ್ಲ. ರೈತರು ಬೆಳೆದ ಬೆಳೆಗೆ ಸೂಕ್ತ ಬೆಲೆ ಸಿಗದೇ ಸಾಲದ ಸುಳಿಗೆ ಸಿಲುಕಿ ಆತ್ಮಹತ್ಯೆಗೆ ಶರಣಾಗುತ್ತಿದ್ದಾರೆ.

ಗ್ರಾಮ ಘಟಕದ ಅಧ್ಯಕ್ಷರಾಗಿ ಆಯ್ಕೆಯಾದವರಿಗೆ ಹಸಿರು ಶಾಲು ಹೊದಿಸಿ ಅಭಿನಂದಿಸಲಾಯಿತು. ತಾಲ್ಲೂಕು ಅಧ್ಯಕ್ಷರು, ಕಾರ್ಯದರ್ಶಿಗಳು ಹಾಗೂ ರೈತ ಮುಖಂಡರು ಉಪಸ್ಥಿತರಿದ್ದರು.

ಸ್ಪರ್ಧಾತ್ಮಕ ಪರೀಕ್ಷೆಯನ್ನು ಏಕಾಗ್ರತೆ ಮತ್ತು ಆತ್ಮ ವಿಶ್ವಾಸದಿಂದ ಎದುರಿಸಬೇಕು
ಮೈಸೂರು / ಬೆಂಗಳೂರು: ಸ್ಪರ್ಧಾತ್ಮಕ ಪರೀಕ್ಷೆ ಎದುರಿಸುವಾಗ ಆತಂಕ ಬೇಡ, ಏಕಾಗ್ರತೆ ಮತ್ತು ಆತ್ಮವಿಶ್ವಾಸದಿಂದ ಎದುರಿಸಬೇಕು ಎಂದು ಸಲಹೆ ನೀಡಿದರು. ನಿರಂತರ ಅಭ್ಯಾಸ, ಸಮಯ ಪಾಲನೆ ಮತ್ತು ಸರಿಯಾದ ಮಾರ್ಗದರ್ಶನ ಯಶಸ್ಸಿನ ಸೂತ್ರಗಳು. ದಿನಪತ್ರಿಕೆಗಳನ್ನು ಓದುವ ಹವ್ಯಾಸ ಬೆಳೆಸಿಕೊಳ್ಳುವುದರಿಂದ ಸಾಮಾನ್ಯ ಜ್ಞಾನ ವೃದ್ಧಿಯಾಗುತ್ತದೆ.

ವಿದ್ಯಾರ್ಥಿಗಳು ಮೊಬೈಲ್ ಬಳಕೆಯನ್ನು ಕಡಿಮೆ ಮಾಡಿ ಪುಸ್ತಕಗಳ ಕಡೆ ಹೆಚ್ಚು ಗಮನ ಹರಿಸಬೇಕು. ಕಠಿಣ ಪರಿಶ್ರಮಕ್ಕೆ ಖಂಡಿತಾ ಫಲ ದೊರೆಯುತ್ತದೆ. ಹಿಂದಿನ ವರ್ಷಗಳ ಪ್ರಶ್ನೆಪತ್ರಿಕೆಗಳನ್ನು ಅಭ್ಯಾಸ ಮಾಡುವುದರಿಂದ ಪರೀಕ್ಷೆಯ ಸ್ವರೂಪ ಅರ್ಥವಾಗುತ್ತದೆ. ಆರೋಗ್ಯದ ಕಡೆಗೂ ಗಮನ ನೀಡಬೇಕು ಎಂದರು. ಕಾರ್ಯಾಗಾರದಲ್ಲಿ ನೂರಾರು ವಿದ್ಯಾರ್ಥಿಗಳು ಪಾಲ್ಗೊಂಡಿದ್ದರು.

ಆಡಳಿತ ವೈದ್ಯಾಧಿಕಾರಿಯವರ ಕಛೇರಿ, ಸಾರ್ವಜನಿಕ ಆಸ್ಪತ್ರೆ, ಹುಣಸೂರು, ಮೈಸೂರು ಜಿಲ್ಲೆ 571105
ದೂ.ಸಂ.: 08222250900 ಮೈಲ್: amoghhunsur@gmail.com
ಸಂಖ್ಯೆ:ಸಾಆಹು/ನಾನ್ ಕ್ಲಿನಿಕಲ್/ಟೆಂಡರ್/01/2025-26, ದಿ: 31.12.2024
ಟೆಂಡರ್ ಅಧಿಸೂಚನೆ
2025-2026ನೇ ಸಾಲಿಗೆ ಸಾರ್ವಜನಿಕ ಆಸ್ಪತ್ರೆ ಹುಣಸೂರು, ಮೈಸೂರು ಜಿಲ್ಲೆಗೆ ಸ್ವಚ್ಛತೆಯ ಸಲುವಾಗಿ ನಾನ್ ಕ್ಲಿನಿಕಲ್ ಗೌಕರರ ಸೇವೆಯನ್ನು ಹೊರಗುತ್ತಿಗೆ ಆಧಾರದ ಮೇಲೆ ಪಡೆಯಲು ಕರ್ನಾಟಕ ಸಾರ್ವಜನಿಕ ಸಂಗ್ರಹಣೆಗಳಲ್ಲಿ ಪಾರದರ್ಶಕತೆ ಅಧಿನಿಯಮ 1999-2000 ರಂತೆ ಇ-ಪ್ರೊಕ್ಯೂರ್‌ಮೆಂಟ್ ಮೂಲಕ http://www.eproc.karnataka.gov.in ನಲ್ಲಿ ಟೆಂಡರ್ ಆಹ್ವಾನಿಸಲಾಗಿದೆ. ಟೆಂಡರ್ ದಾಖಲೆಗಳನ್ನು ದಿನಾಂಕ: 03.03.2025 ರಿಂದ 01.04.2025 ರ ಸಂಜೆ 5.00 ಗಂಟೆಯವರೆಗೆ ಅಪ್‌ಲೋಡ್ ಮಾಡಬಹುದು. ತಾಂತ್ರಿಕ ಬಿಡ್‌ಗಳನ್ನು ದಿನಾಂಕ: 02.04.2025 ರಂದು ಬೆಳಿಗ್ಗೆ 11.00 ಗಂಟೆಗೆ ತೆರೆಯಲಾಗುವುದು. ಆರ್ಥಿಕ ಬಿಡ್‌ಗಳನ್ನು ದಿನಾಂಕ: 04.04.2025 ರಂದು ಬೆಳಿಗ್ಗೆ 11.00 ಗಂಟೆಗೆ ತೆರೆಯಲಾಗುವುದು. ಹೆಚ್ಚಿನ ಮಾಹಿತಿಗಾಗಿ ಕಚೇರಿ ವೇಳೆಯಲ್ಲಿ ಸಂಪರ್ಕಿಸಬಹುದು.
ಸಹಿ/- ಆಡಳಿತ ವೈದ್ಯಾಧಿಕಾರಿಗಳು, ಸಾರ್ವಜನಿಕ ಆಸ್ಪತ್ರೆ, ಹುಣಸೂರು.
DIPR-DD-MYS/1422/KSMCA-1060/2024-25
